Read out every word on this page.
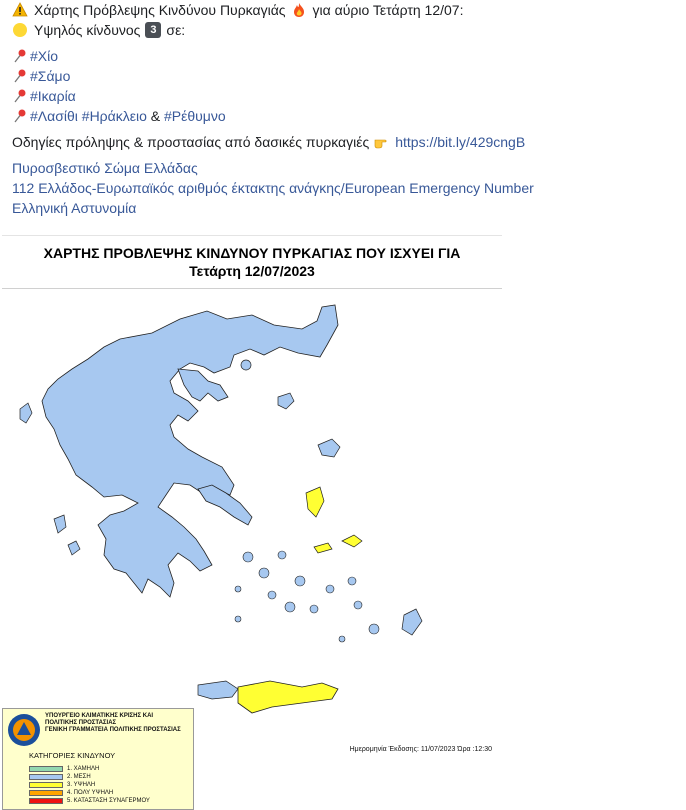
Χάρτης Πρόβλεψης Κινδύνου Πυρκαγιάς για αύριο Τετάρτη 12/07:
Υψηλός κίνδυνος 3 σε:
#Χίο
#Σάμο
#Ικαρία
#Λασίθι
#Ηράκλειο
&
#Ρέθυμνο
Οδηγίες πρόληψης & προστασίας από δασικές πυρκαγιές https://bit.ly/429cngB
Πυροσβεστικό Σώμα Ελλάδας
112 Ελλάδος-Ευρωπαϊκός αριθμός έκτακτης ανάγκης/European Emergency Number
Ελληνική Αστυνομία
ΧΑΡΤΗΣ ΠΡΟΒΛΕΨΗΣ ΚΙΝΔΥΝΟΥ ΠΥΡΚΑΓΙΑΣ ΠΟΥ ΙΣΧΥΕΙ ΓΙΑ
Τετάρτη 12/07/2023
ΥΠΟΥΡΓΕΙΟ ΚΛΙΜΑΤΙΚΗΣ ΚΡΙΣΗΣ ΚΑΙ
ΠΟΛΙΤΙΚΗΣ ΠΡΟΣΤΑΣΙΑΣ
ΓΕΝΙΚΗ ΓΡΑΜΜΑΤΕΙΑ ΠΟΛΙΤΙΚΗΣ ΠΡΟΣΤΑΣΙΑΣ
ΚΑΤΗΓΟΡΙΕΣ ΚΙΝΔΥΝΟΥ
1. ΧΑΜΗΛΗ
2. ΜΕΣΗ
3. ΥΨΗΛΗ
4. ΠΟΛΥ ΥΨΗΛΗ
5. ΚΑΤΑΣΤΑΣΗ ΣΥΝΑΓΕΡΜΟΥ
Ημερομηνία Έκδοσης: 11/07/2023 Ώρα :12:30
